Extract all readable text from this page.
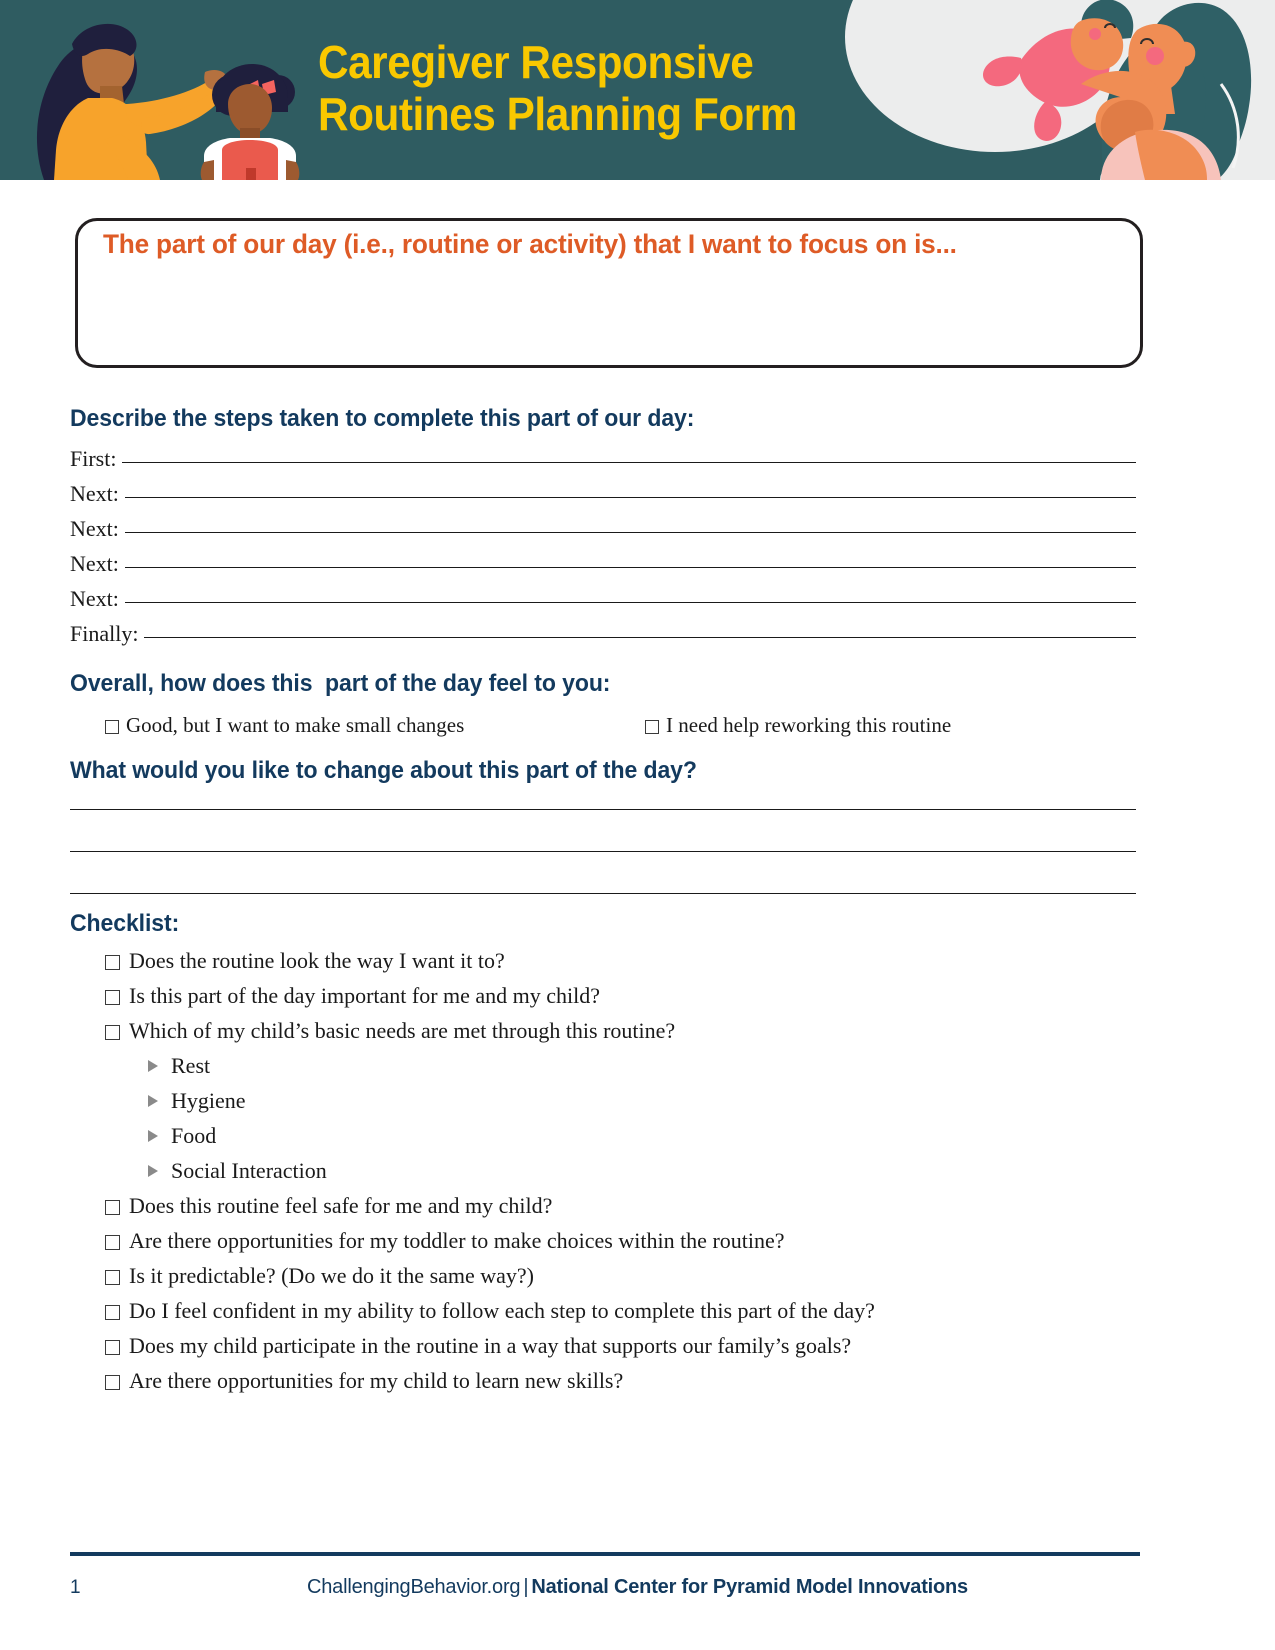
Caregiver Responsive
Routines Planning Form
The part of our day (i.e., routine or activity) that I want to focus on is...
Describe the steps taken to complete this part of our day:
First:
Next:
Next:
Next:
Next:
Finally:
Overall, how does this  part of the day feel to you:
Good, but I want to make small changes	I need help reworking this routine
What would you like to change about this part of the day?
Checklist:
Does the routine look the way I want it to?
Is this part of the day important for me and my child?
Which of my child’s basic needs are met through this routine?
Rest
Hygiene
Food
Social Interaction
Does this routine feel safe for me and my child?
Are there opportunities for my toddler to make choices within the routine?
Is it predictable? (Do we do it the same way?)
Do I feel confident in my ability to follow each step to complete this part of the day?
Does my child participate in the routine in a way that supports our family’s goals?
Are there opportunities for my child to learn new skills?
1	ChallengingBehavior.org | National Center for Pyramid Model Innovations
